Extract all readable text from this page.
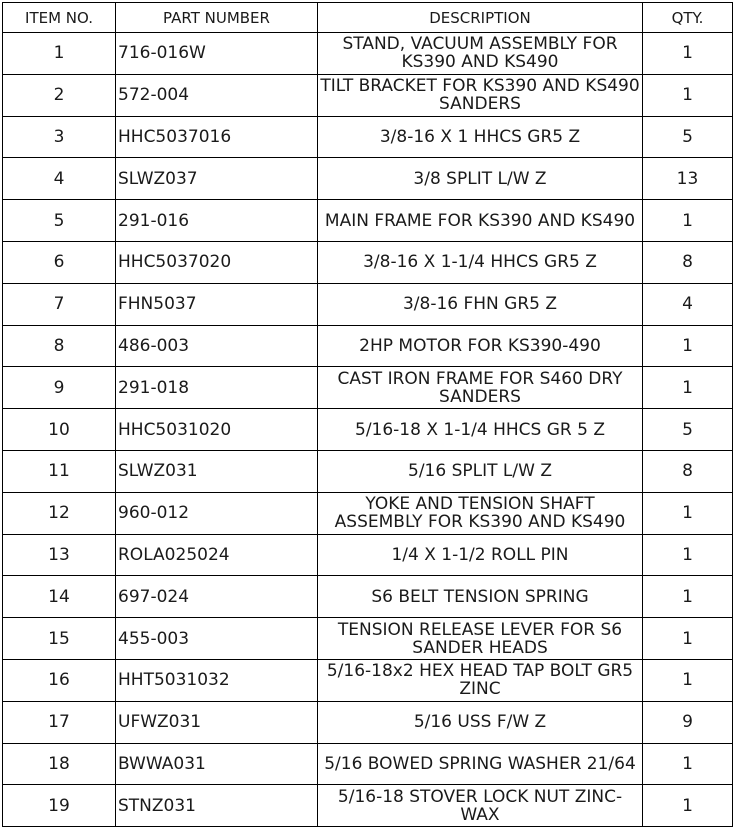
ITEM NO.	PART NUMBER	DESCRIPTION	QTY.
1	716-016W	STAND, VACUUM ASSEMBLY FOR KS390 AND KS490	1
2	572-004	TILT BRACKET FOR KS390 AND KS490 SANDERS	1
3	HHC5037016	3/8-16 X 1 HHCS GR5 Z	5
4	SLWZ037	3/8 SPLIT L/W Z	13
5	291-016	MAIN FRAME FOR KS390 AND KS490	1
6	HHC5037020	3/8-16 X 1-1/4 HHCS GR5 Z	8
7	FHN5037	3/8-16 FHN GR5 Z	4
8	486-003	2HP MOTOR FOR KS390-490	1
9	291-018	CAST IRON FRAME FOR S460 DRY SANDERS	1
10	HHC5031020	5/16-18 X 1-1/4 HHCS GR 5 Z	5
11	SLWZ031	5/16 SPLIT L/W Z	8
12	960-012	YOKE AND TENSION SHAFT ASSEMBLY FOR KS390 AND KS490	1
13	ROLA025024	1/4 X 1-1/2 ROLL PIN	1
14	697-024	S6 BELT TENSION SPRING	1
15	455-003	TENSION RELEASE LEVER FOR S6 SANDER HEADS	1
16	HHT5031032	5/16-18x2 HEX HEAD TAP BOLT GR5 ZINC	1
17	UFWZ031	5/16 USS F/W Z	9
18	BWWA031	5/16 BOWED SPRING WASHER 21/64	1
19	STNZ031	5/16-18 STOVER LOCK NUT ZINC-WAX	1
